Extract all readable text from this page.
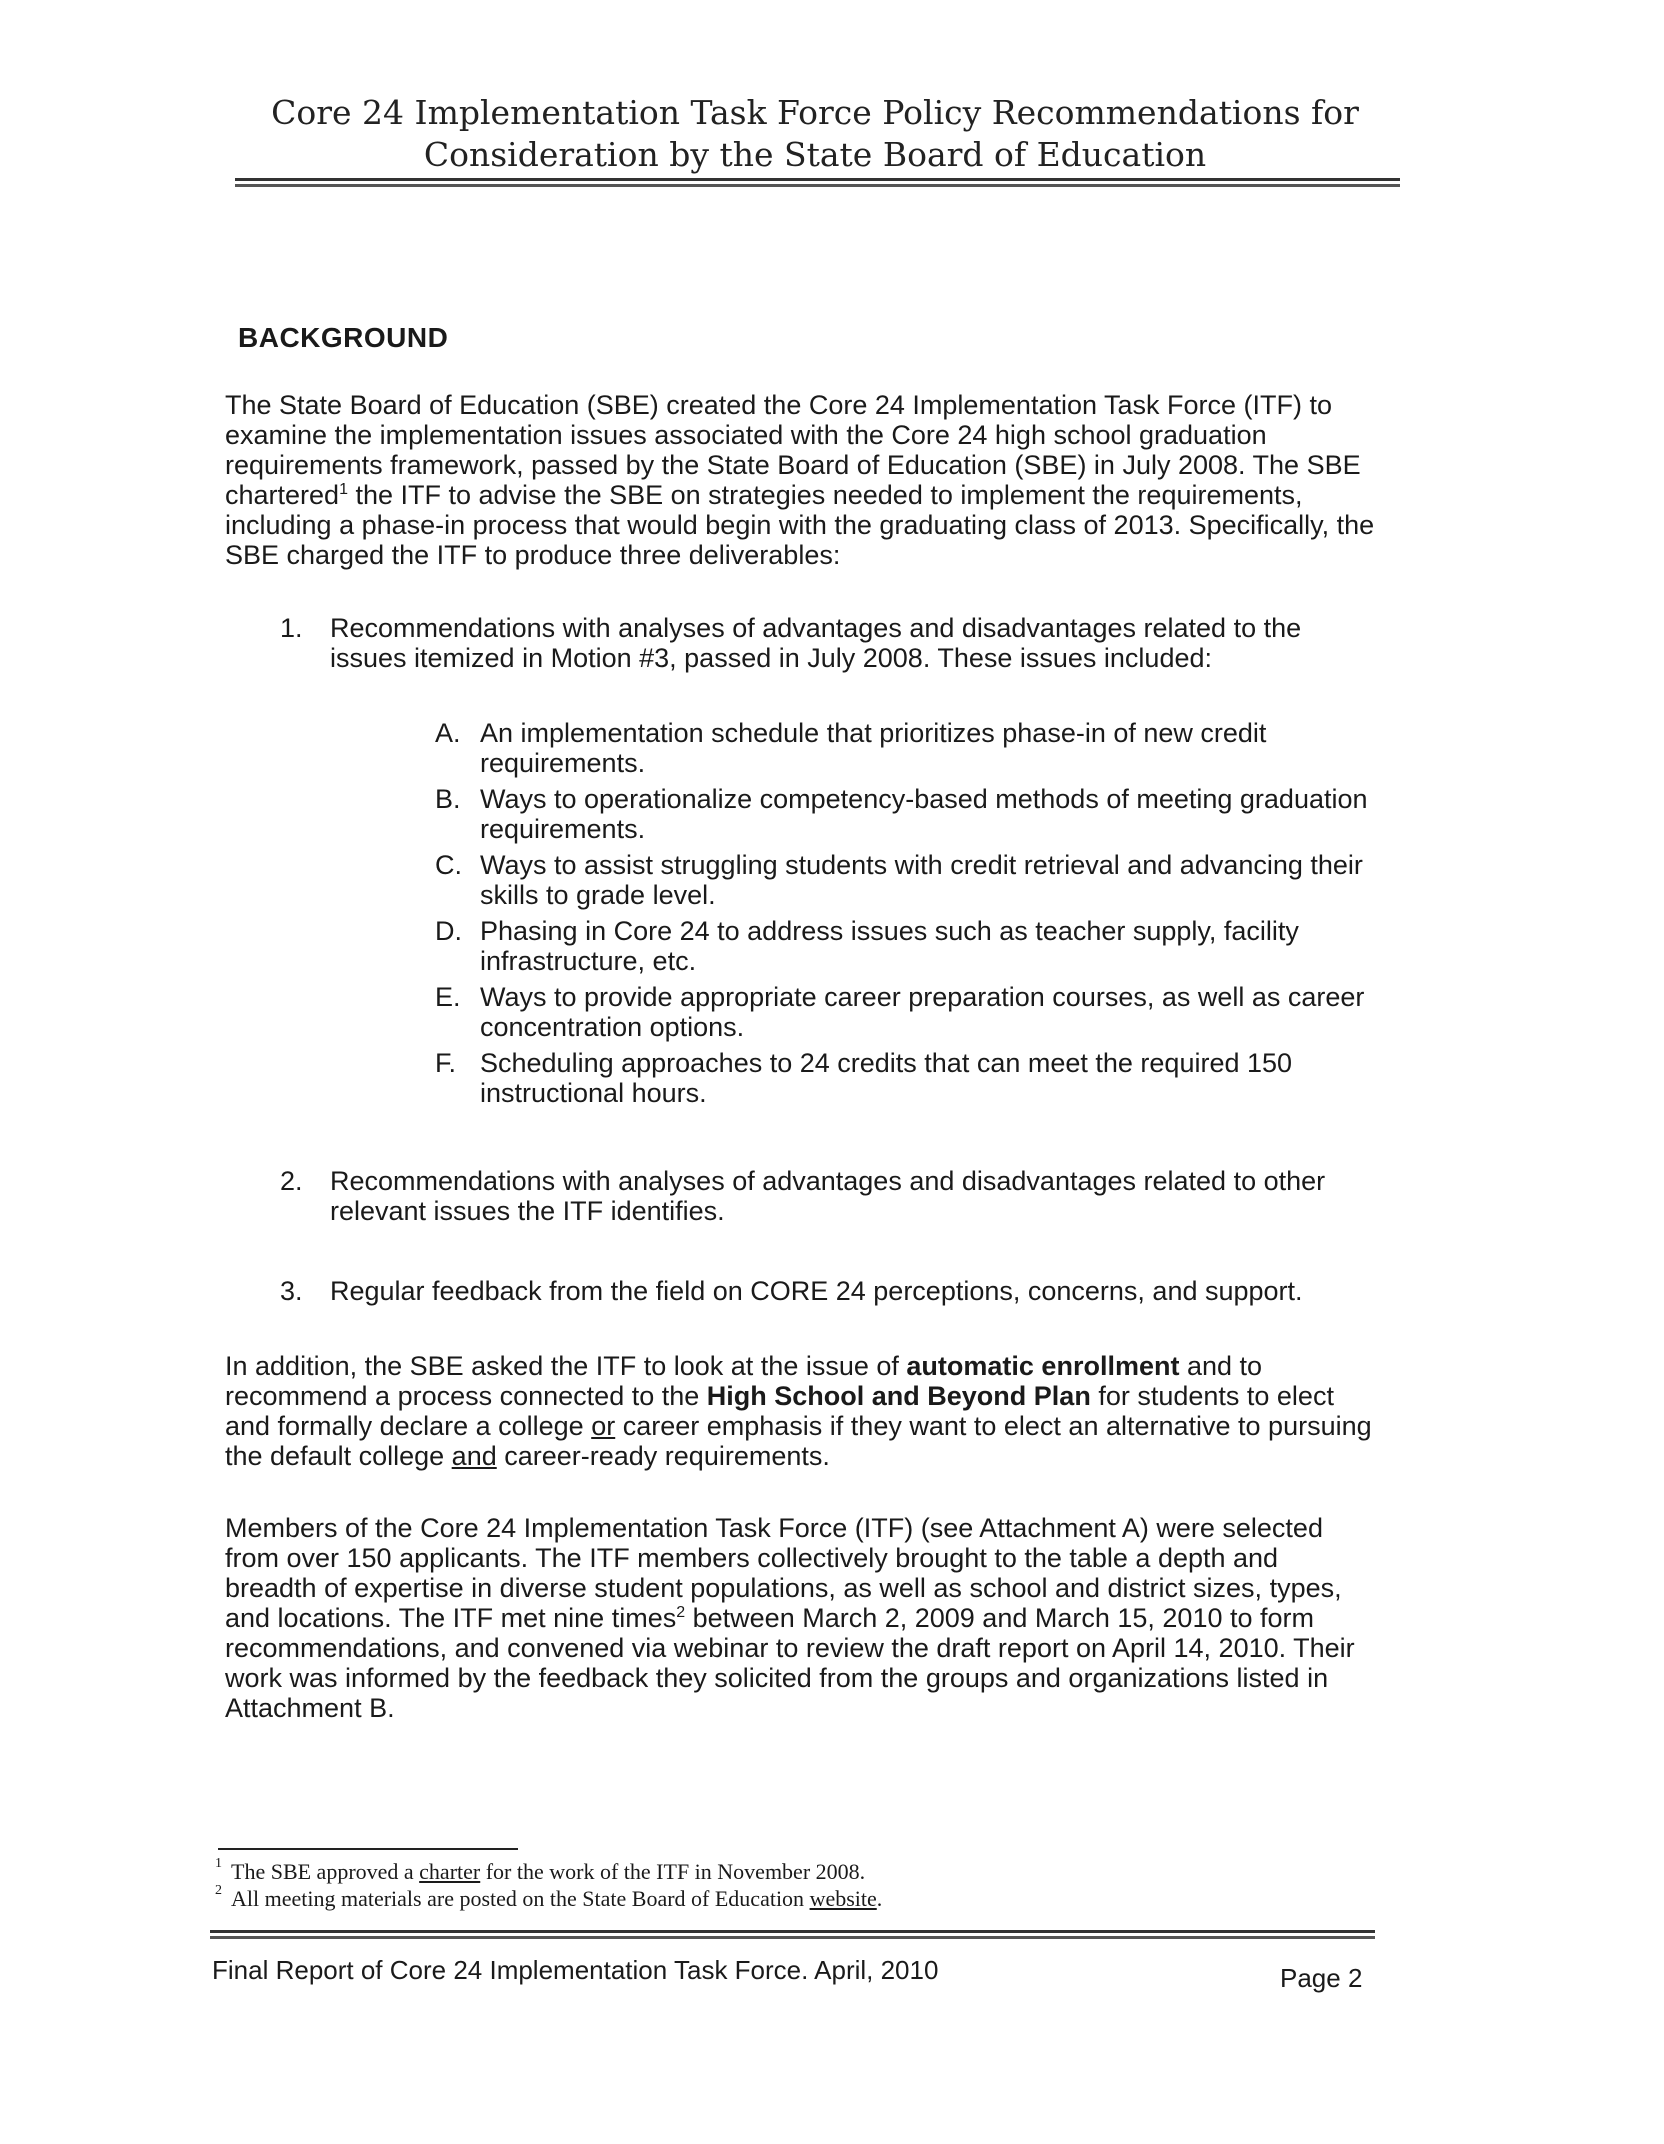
Core 24 Implementation Task Force Policy Recommendations for
Consideration by the State Board of Education
BACKGROUND

The State Board of Education (SBE) created the Core 24 Implementation Task Force (ITF) to examine the implementation issues associated with the Core 24 high school graduation requirements framework, passed by the State Board of Education (SBE) in July 2008. The SBE chartered$^1$ the ITF to advise the SBE on strategies needed to implement the requirements, including a phase-in process that would begin with the graduating class of 2013. Specifically, the SBE charged the ITF to produce three deliverables:

1. Recommendations with analyses of advantages and disadvantages related to the issues itemized in Motion #3, passed in July 2008. These issues included:
A. An implementation schedule that prioritizes phase-in of new credit requirements.
B. Ways to operationalize competency-based methods of meeting graduation requirements.
C. Ways to assist struggling students with credit retrieval and advancing their skills to grade level.
D. Phasing in Core 24 to address issues such as teacher supply, facility infrastructure, etc.
E. Ways to provide appropriate career preparation courses, as well as career concentration options.
F. Scheduling approaches to 24 credits that can meet the required 150 instructional hours.
2. Recommendations with analyses of advantages and disadvantages related to other relevant issues the ITF identifies.
3. Regular feedback from the field on CORE 24 perceptions, concerns, and support.

In addition, the SBE asked the ITF to look at the issue of automatic enrollment and to recommend a process connected to the High School and Beyond Plan for students to elect and formally declare a college or career emphasis if they want to elect an alternative to pursuing the default college and career-ready requirements.

Members of the Core 24 Implementation Task Force (ITF) (see Attachment A) were selected from over 150 applicants. The ITF members collectively brought to the table a depth and breadth of expertise in diverse student populations, as well as school and district sizes, types, and locations. The ITF met nine times$^2$ between March 2, 2009 and March 15, 2010 to form recommendations, and convened via webinar to review the draft report on April 14, 2010. Their work was informed by the feedback they solicited from the groups and organizations listed in Attachment B.

1 The SBE approved a charter for the work of the ITF in November 2008.
2 All meeting materials are posted on the State Board of Education website.
Final Report of Core 24 Implementation Task Force. April, 2010	Page 2
